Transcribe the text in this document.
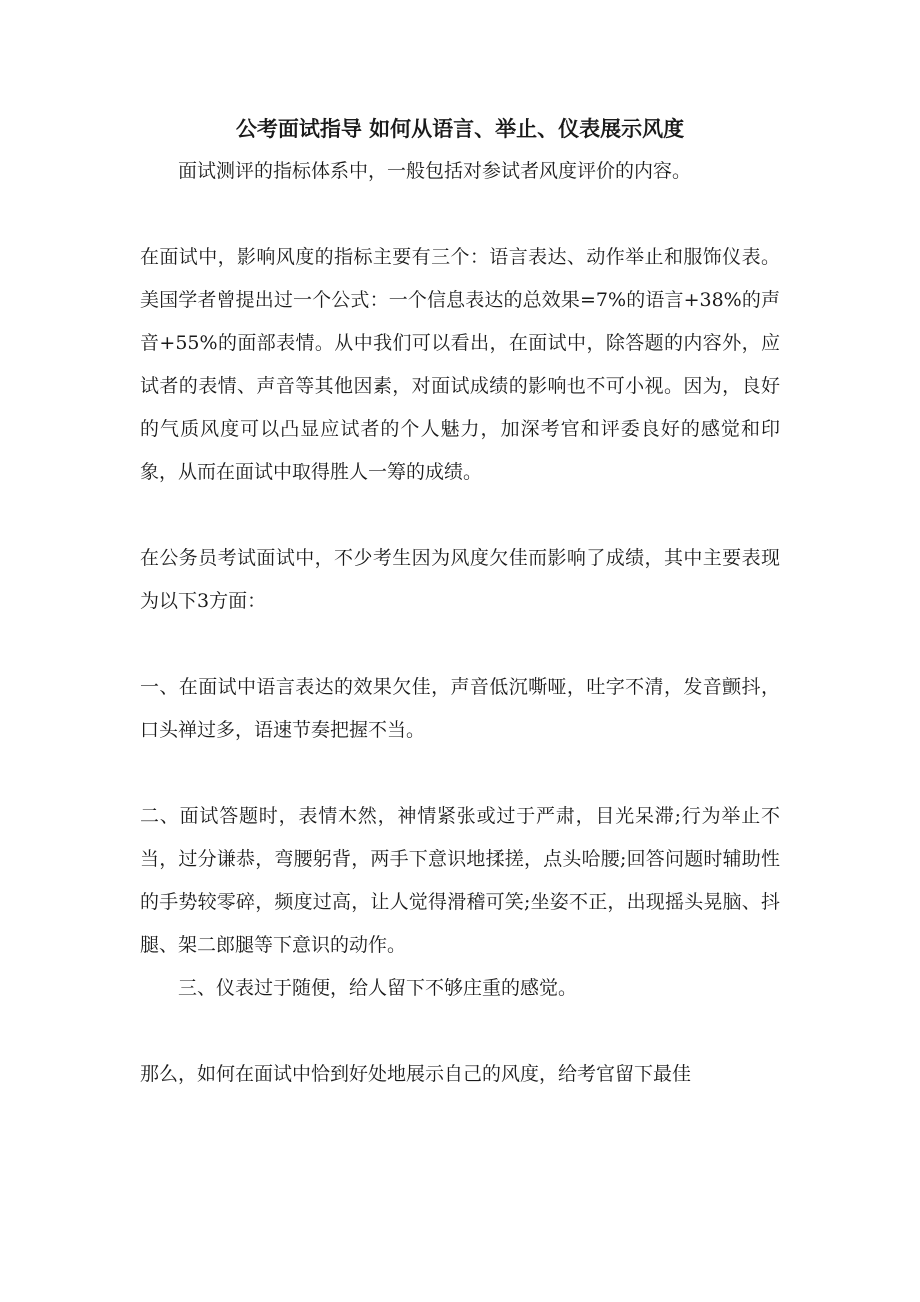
公考面试指导 如何从语言、举止、仪表展示风度

面试测评的指标体系中，一般包括对参试者风度评价的内容。

在面试中，影响风度的指标主要有三个：语言表达、动作举止和服饰仪表。美国学者曾提出过一个公式：一个信息表达的总效果=7%的语言+38%的声音+55%的面部表情。从中我们可以看出，在面试中，除答题的内容外，应试者的表情、声音等其他因素，对面试成绩的影响也不可小视。因为，良好的气质风度可以凸显应试者的个人魅力，加深考官和评委良好的感觉和印象，从而在面试中取得胜人一筹的成绩。

在公务员考试面试中，不少考生因为风度欠佳而影响了成绩，其中主要表现为以下3方面：

一、在面试中语言表达的效果欠佳，声音低沉嘶哑，吐字不清，发音颤抖，口头禅过多，语速节奏把握不当。

二、面试答题时，表情木然，神情紧张或过于严肃，目光呆滞;行为举止不当，过分谦恭，弯腰躬背，两手下意识地揉搓，点头哈腰;回答问题时辅助性的手势较零碎，频度过高，让人觉得滑稽可笑;坐姿不正，出现摇头晃脑、抖腿、架二郎腿等下意识的动作。

三、仪表过于随便，给人留下不够庄重的感觉。

那么，如何在面试中恰到好处地展示自己的风度，给考官留下最佳
